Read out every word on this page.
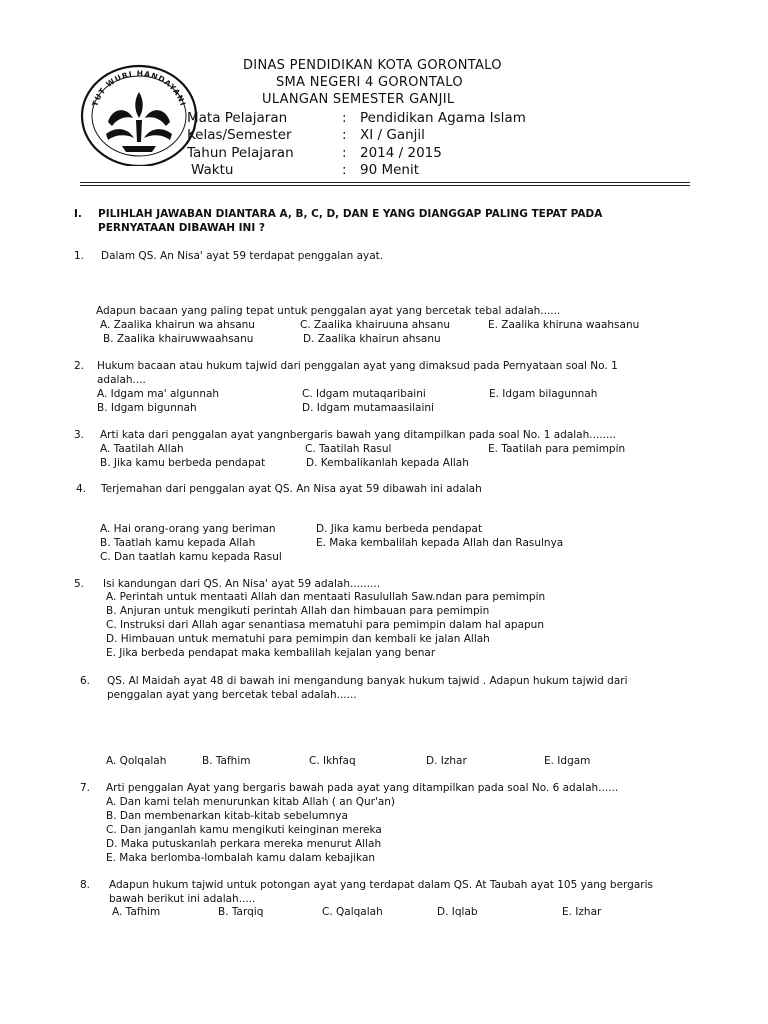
TUT WURI HANDAYANI
DINAS PENDIDIKAN KOTA GORONTALO
SMA NEGERI 4 GORONTALO
ULANGAN SEMESTER GANJIL
Mata Pelajaran	: Pendidikan Agama Islam
Kelas/Semester	: XI / Ganjil
Tahun Pelajaran	: 2014 / 2015
Waktu	: 90 Menit
I. PILIHLAH JAWABAN DIANTARA A, B, C, D, DAN E YANG DIANGGAP PALING TEPAT PADA
PERNYATAAN DIBAWAH INI ?
1. Dalam QS. An Nisa' ayat 59 terdapat penggalan ayat.
Adapun bacaan yang paling tepat untuk penggalan ayat yang bercetak tebal adalah......
A. Zaalika khairun wa ahsanu	C. Zaalika khairuuna ahsanu	E. Zaalika khiruna waahsanu
B. Zaalika khairuwwaahsanu	D. Zaalika khairun ahsanu
2. Hukum bacaan atau hukum tajwid dari penggalan ayat yang dimaksud pada Pernyataan soal No. 1
adalah....
A. Idgam ma' algunnah	C. Idgam mutaqaribaini	E. Idgam bilagunnah
B. Idgam bigunnah	D. Idgam mutamaasilaini
3. Arti kata dari penggalan ayat yangnbergaris bawah yang ditampilkan pada soal No. 1 adalah........
A. Taatilah Allah	C. Taatilah Rasul	E. Taatilah para pemimpin
B. Jika kamu berbeda pendapat	D. Kembalikanlah kepada Allah
4. Terjemahan dari penggalan ayat QS. An Nisa ayat 59 dibawah ini adalah
A. Hai orang-orang yang beriman	D. Jika kamu berbeda pendapat
B. Taatlah kamu kepada Allah	E. Maka kembalilah kepada Allah dan Rasulnya
C. Dan taatlah kamu kepada Rasul
5. Isi kandungan dari QS. An Nisa' ayat 59 adalah.........
A. Perintah untuk mentaati Allah dan mentaati Rasulullah Saw.ndan para pemimpin
B. Anjuran untuk mengikuti perintah Allah dan himbauan para pemimpin
C. Instruksi dari Allah agar senantiasa mematuhi para pemimpin dalam hal apapun
D. Himbauan untuk mematuhi para pemimpin dan kembali ke jalan Allah
E. Jika berbeda pendapat maka kembalilah kejalan yang benar
6. QS. Al Maidah ayat 48 di bawah ini mengandung banyak hukum tajwid . Adapun hukum tajwid dari
penggalan ayat yang bercetak tebal adalah......
A. Qolqalah	B. Tafhim	C. Ikhfaq	D. Izhar	E. Idgam
7. Arti penggalan Ayat yang bergaris bawah pada ayat yang ditampilkan pada soal No. 6 adalah......
A. Dan kami telah menurunkan kitab Allah ( an Qur'an)
B. Dan membenarkan kitab-kitab sebelumnya
C. Dan janganlah kamu mengikuti keinginan mereka
D. Maka putuskanlah perkara mereka menurut Allah
E. Maka berlomba-lombalah kamu dalam kebajikan
8. Adapun hukum tajwid untuk potongan ayat yang terdapat dalam QS. At Taubah ayat 105 yang bergaris
bawah berikut ini adalah.....
A. Tafhim	B. Tarqiq	C. Qalqalah	D. Iqlab	E. Izhar
